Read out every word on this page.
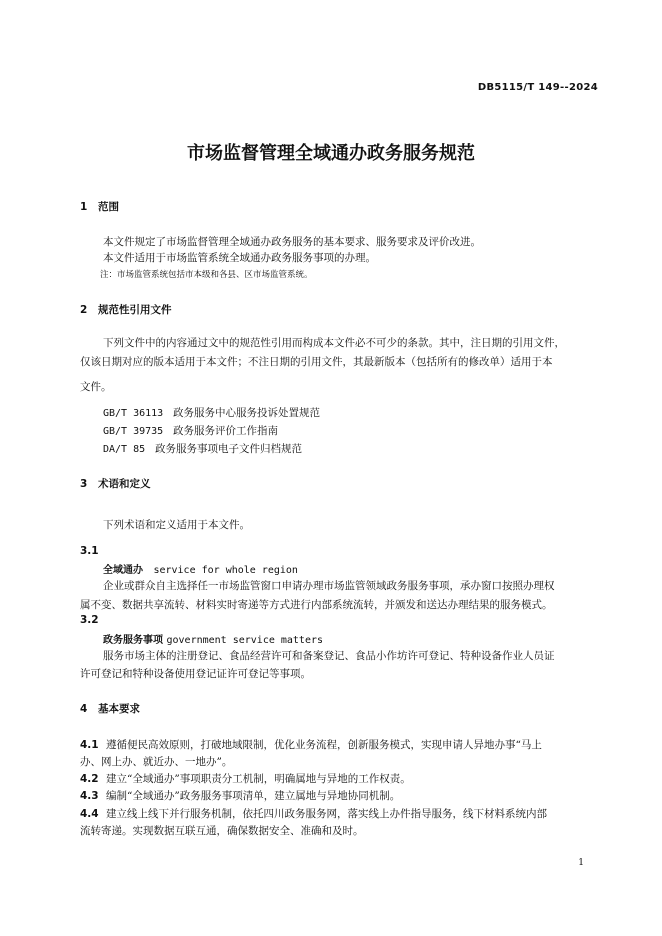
DB5115/T 149--2024
市场监督管理全域通办政务服务规范
1 范围
本文件规定了市场监督管理全域通办政务服务的基本要求、服务要求及评价改进。
本文件适用于市场监管系统全域通办政务服务事项的办理。
注：市场监管系统包括市本级和各县、区市场监管系统。
2 规范性引用文件
下列文件中的内容通过文中的规范性引用而构成本文件必不可少的条款。其中，注日期的引用文件，
仅该日期对应的版本适用于本文件；不注日期的引用文件，其最新版本（包括所有的修改单）适用于本
文件。
GB/T 36113 政务服务中心服务投诉处置规范
GB/T 39735 政务服务评价工作指南
DA/T 85 政务服务事项电子文件归档规范
3 术语和定义
下列术语和定义适用于本文件。
3.1
全域通办 service for whole region
企业或群众自主选择任一市场监管窗口申请办理市场监管领域政务服务事项，承办窗口按照办理权
属不变、数据共享流转、材料实时寄递等方式进行内部系统流转，并颁发和送达办理结果的服务模式。
3.2
政务服务事项 government service matters
服务市场主体的注册登记、食品经营许可和备案登记、食品小作坊许可登记、特种设备作业人员证
许可登记和特种设备使用登记证许可登记等事项。
4 基本要求
4.1 遵循便民高效原则，打破地域限制，优化业务流程，创新服务模式，实现申请人异地办事“马上
办、网上办、就近办、一地办”。
4.2 建立“全域通办”事项职责分工机制，明确属地与异地的工作权责。
4.3 编制“全域通办”政务服务事项清单，建立属地与异地协同机制。
4.4 建立线上线下并行服务机制，依托四川政务服务网，落实线上办件指导服务，线下材料系统内部
流转寄递。实现数据互联互通，确保数据安全、准确和及时。
1
